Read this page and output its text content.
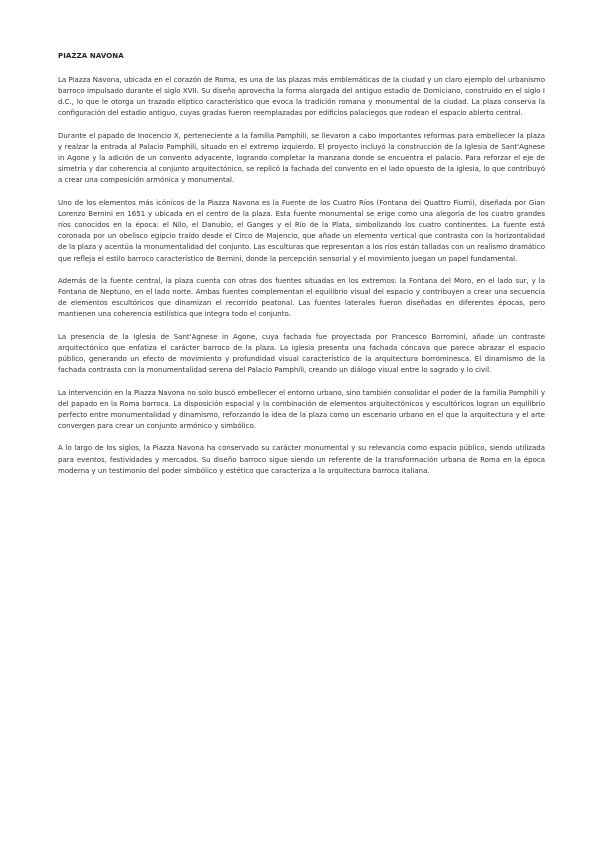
PIAZZA NAVONA

La Piazza Navona, ubicada en el corazón de Roma, es una de las plazas más emblemáticas de la ciudad y un claro ejemplo del urbanismo barroco impulsado durante el siglo XVII. Su diseño aprovecha la forma alargada del antiguo estadio de Domiciano, construido en el siglo I d.C., lo que le otorga un trazado elíptico característico que evoca la tradición romana y monumental de la ciudad. La plaza conserva la configuración del estadio antiguo, cuyas gradas fueron reemplazadas por edificios palaciegos que rodean el espacio abierto central.

Durante el papado de Inocencio X, perteneciente a la familia Pamphili, se llevaron a cabo importantes reformas para embellecer la plaza y realzar la entrada al Palacio Pamphili, situado en el extremo izquierdo. El proyecto incluyó la construcción de la Iglesia de Sant'Agnese in Agone y la adición de un convento adyacente, logrando completar la manzana donde se encuentra el palacio. Para reforzar el eje de simetría y dar coherencia al conjunto arquitectónico, se replicó la fachada del convento en el lado opuesto de la iglesia, lo que contribuyó a crear una composición armónica y monumental.

Uno de los elementos más icónicos de la Piazza Navona es la Fuente de los Cuatro Ríos (Fontana dei Quattro Fiumi), diseñada por Gian Lorenzo Bernini en 1651 y ubicada en el centro de la plaza. Esta fuente monumental se erige como una alegoría de los cuatro grandes ríos conocidos en la época: el Nilo, el Danubio, el Ganges y el Río de la Plata, simbolizando los cuatro continentes. La fuente está coronada por un obelisco egipcio traído desde el Circo de Majencio, que añade un elemento vertical que contrasta con la horizontalidad de la plaza y acentúa la monumentalidad del conjunto. Las esculturas que representan a los ríos están talladas con un realismo dramático que refleja el estilo barroco característico de Bernini, donde la percepción sensorial y el movimiento juegan un papel fundamental.

Además de la fuente central, la plaza cuenta con otras dos fuentes situadas en los extremos: la Fontana del Moro, en el lado sur, y la Fontana de Neptuno, en el lado norte. Ambas fuentes complementan el equilibrio visual del espacio y contribuyen a crear una secuencia de elementos escultóricos que dinamizan el recorrido peatonal. Las fuentes laterales fueron diseñadas en diferentes épocas, pero mantienen una coherencia estilística que integra todo el conjunto.

La presencia de la Iglesia de Sant'Agnese in Agone, cuya fachada fue proyectada por Francesco Borromini, añade un contraste arquitectónico que enfatiza el carácter barroco de la plaza. La iglesia presenta una fachada cóncava que parece abrazar el espacio público, generando un efecto de movimiento y profundidad visual característico de la arquitectura borrominesca. El dinamismo de la fachada contrasta con la monumentalidad serena del Palacio Pamphili, creando un diálogo visual entre lo sagrado y lo civil.

La intervención en la Piazza Navona no solo buscó embellecer el entorno urbano, sino también consolidar el poder de la familia Pamphili y del papado en la Roma barroca. La disposición espacial y la combinación de elementos arquitectónicos y escultóricos logran un equilibrio perfecto entre monumentalidad y dinamismo, reforzando la idea de la plaza como un escenario urbano en el que la arquitectura y el arte convergen para crear un conjunto armónico y simbólico.

A lo largo de los siglos, la Piazza Navona ha conservado su carácter monumental y su relevancia como espacio público, siendo utilizada para eventos, festividades y mercados. Su diseño barroco sigue siendo un referente de la transformación urbana de Roma en la época moderna y un testimonio del poder simbólico y estético que caracteriza a la arquitectura barroca italiana.
